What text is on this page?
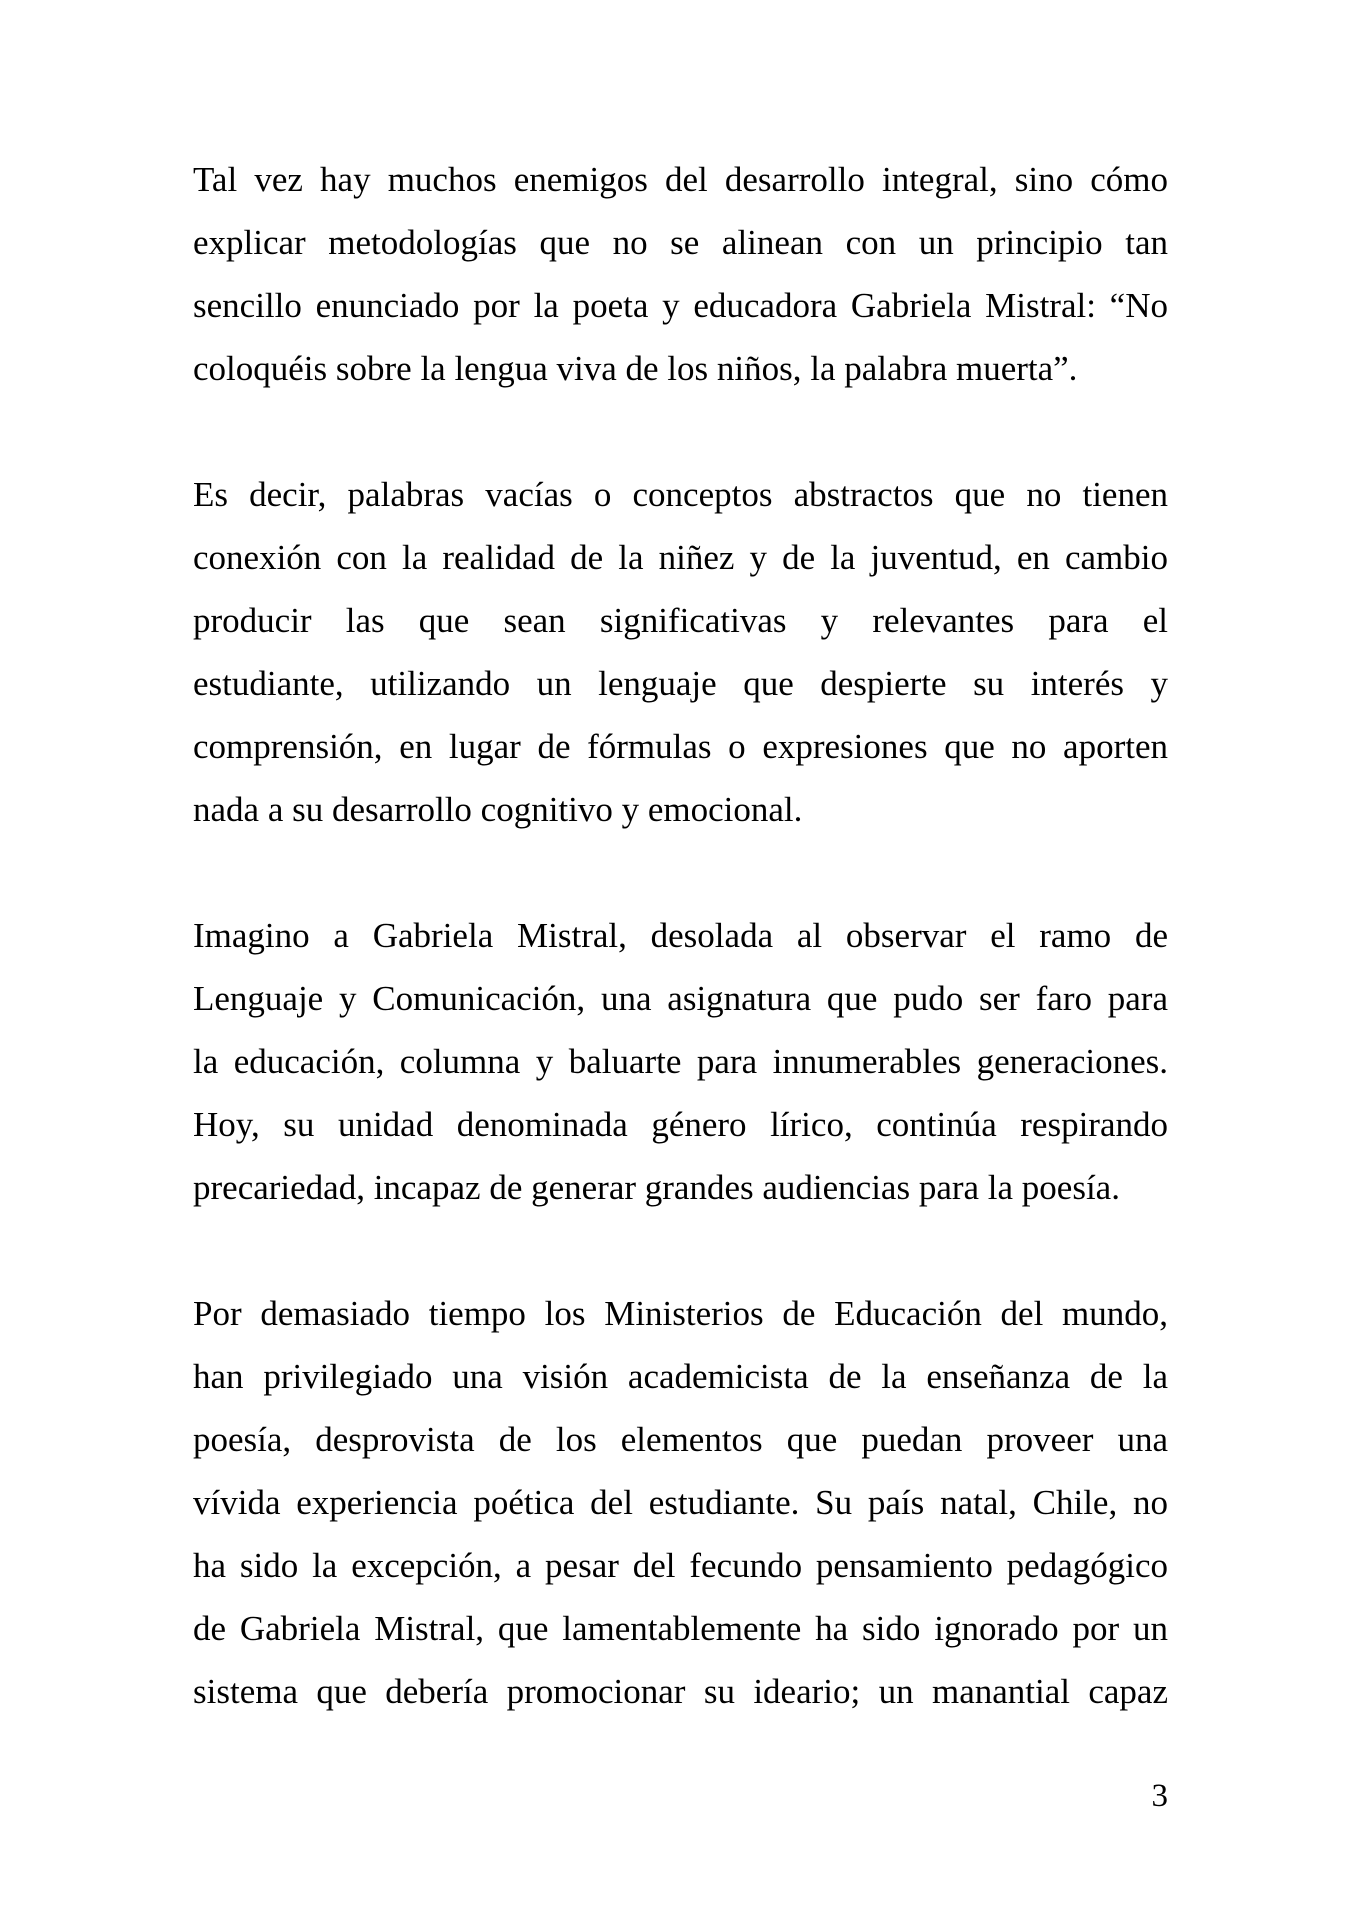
Tal vez hay muchos enemigos del desarrollo integral, sino cómo
explicar metodologías que no se alinean con un principio tan
sencillo enunciado por la poeta y educadora Gabriela Mistral: “No
coloquéis sobre la lengua viva de los niños, la palabra muerta”.

Es decir, palabras vacías o conceptos abstractos que no tienen
conexión con la realidad de la niñez y de la juventud, en cambio
producir las que sean significativas y relevantes para el
estudiante, utilizando un lenguaje que despierte su interés y
comprensión, en lugar de fórmulas o expresiones que no aporten
nada a su desarrollo cognitivo y emocional.

Imagino a Gabriela Mistral, desolada al observar el ramo de
Lenguaje y Comunicación, una asignatura que pudo ser faro para
la educación, columna y baluarte para innumerables generaciones.
Hoy, su unidad denominada género lírico, continúa respirando
precariedad, incapaz de generar grandes audiencias para la poesía.

Por demasiado tiempo los Ministerios de Educación del mundo,
han privilegiado una visión academicista de la enseñanza de la
poesía, desprovista de los elementos que puedan proveer una
vívida experiencia poética del estudiante. Su país natal, Chile, no
ha sido la excepción, a pesar del fecundo pensamiento pedagógico
de Gabriela Mistral, que lamentablemente ha sido ignorado por un
sistema que debería promocionar su ideario; un manantial capaz

3
